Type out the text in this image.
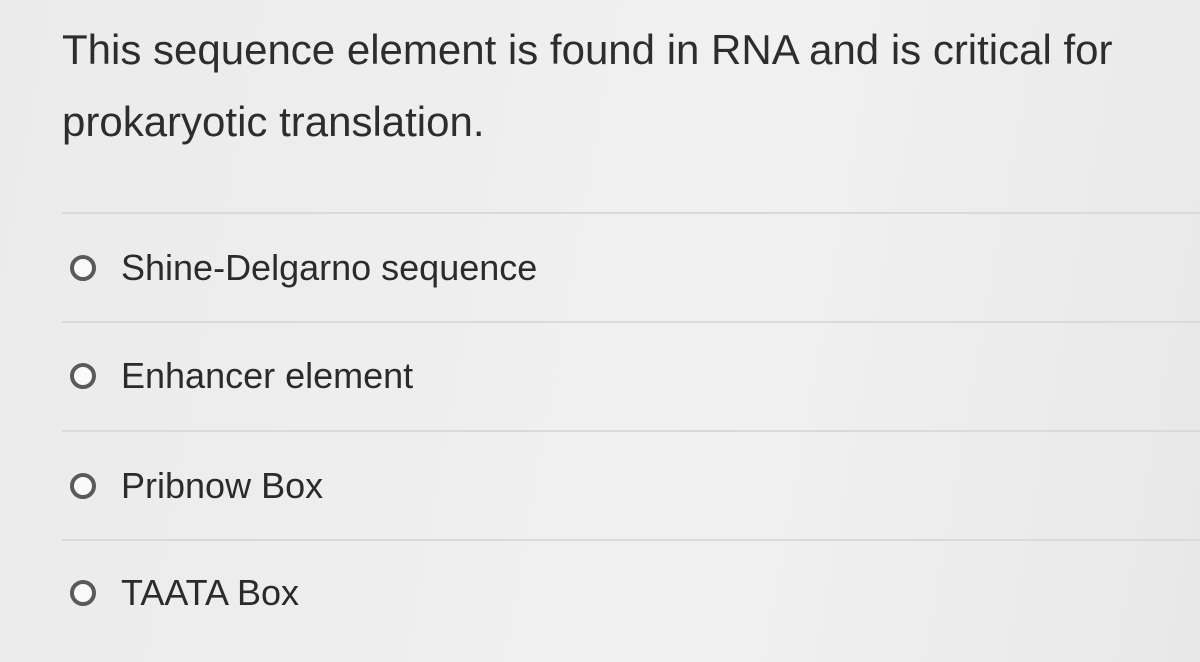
This sequence element is found in RNA and is critical for prokaryotic translation.

Shine-Delgarno sequence
Enhancer element
Pribnow Box
TAATA Box
